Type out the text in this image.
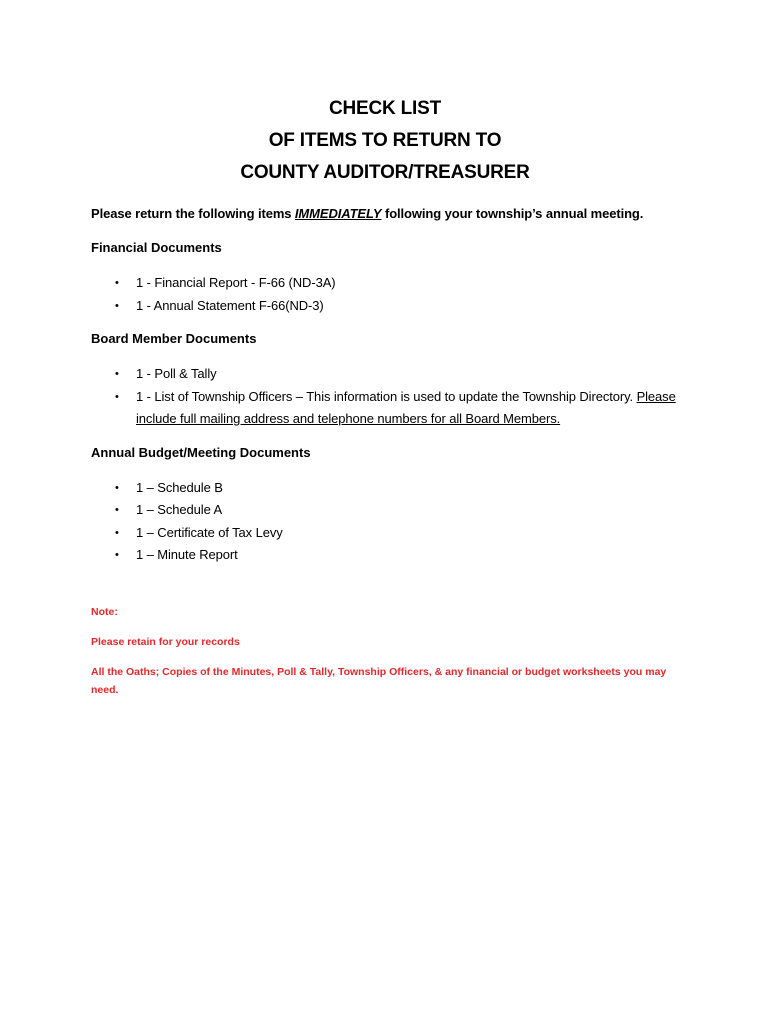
CHECK LIST
OF ITEMS TO RETURN TO
COUNTY AUDITOR/TREASURER

Please return the following items IMMEDIATELY following your township’s annual meeting.

Financial Documents
• 1 - Financial Report - F-66 (ND-3A)
• 1 - Annual Statement F-66(ND-3)
Board Member Documents
• 1 - Poll & Tally
• 1 - List of Township Officers – This information is used to update the Township Directory. Please include full mailing address and telephone numbers for all Board Members.
Annual Budget/Meeting Documents
• 1 – Schedule B
• 1 – Schedule A
• 1 – Certificate of Tax Levy
• 1 – Minute Report

Note:

Please retain for your records

All the Oaths; Copies of the Minutes, Poll & Tally, Township Officers, & any financial or budget worksheets you may need.
